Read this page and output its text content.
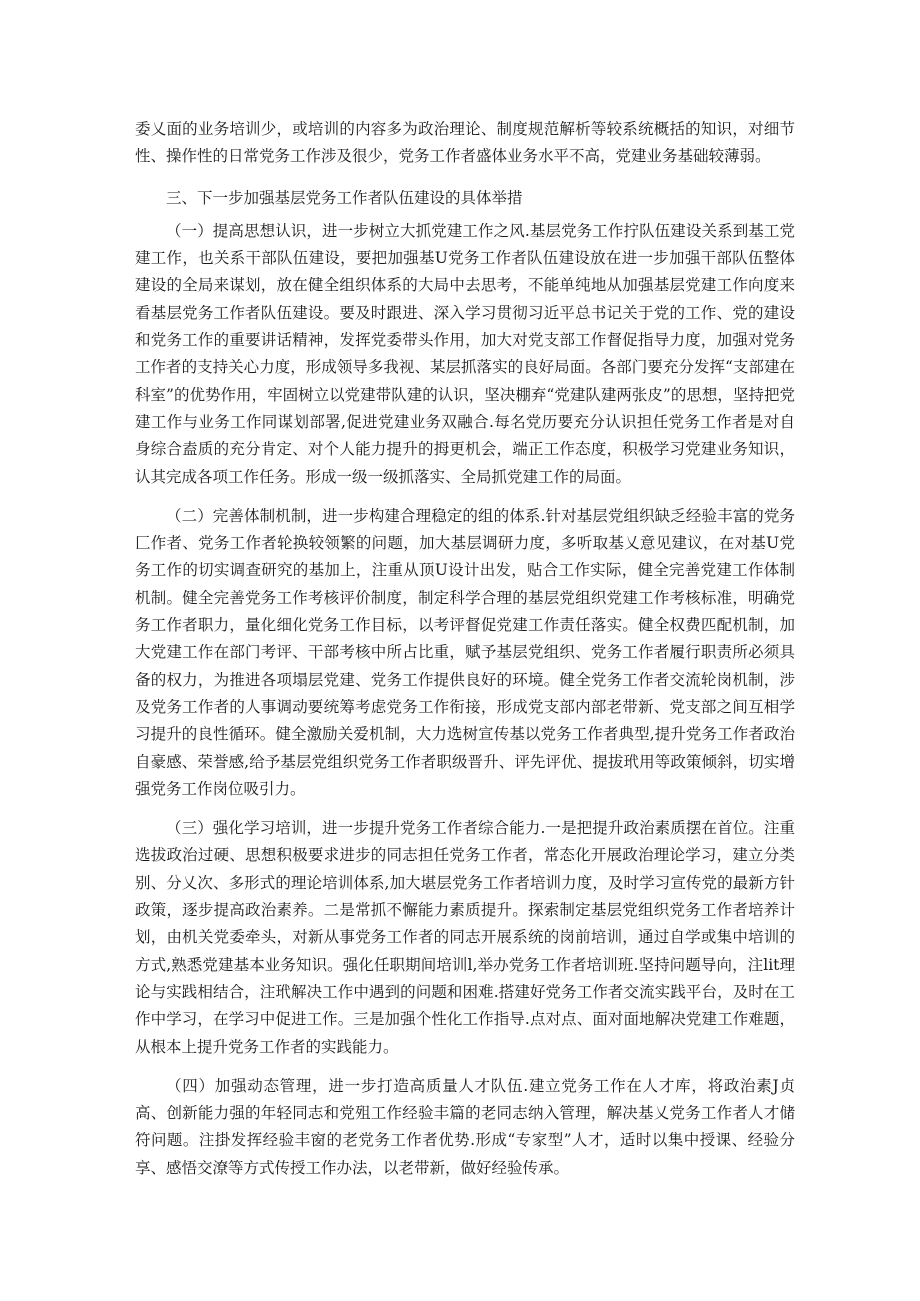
委乂面的业务培训少，或培训的内容多为政治理论、制度规范解析等较系统概括的知识，对细节性、操作性的日常党务工作涉及很少，党务工作者盛体业务水平不高，党建业务基础较薄弱。

三、下一步加强基层党务工作者队伍建设的具体举措

（一）提高思想认识，进一步树立大抓党建工作之风.基层党务工作拧队伍建设关系到基工党建工作，也关系干部队伍建设，要把加强基U党务工作者队伍建设放在进一步加强干部队伍整体建设的全局来谋划，放在健全组织体系的大局中去思考，不能单纯地从加强基层党建工作向度来看基层党务工作者队伍建设。要及时跟进、深入学习贯彻习近平总书记关于党的工作、党的建设和党务工作的重要讲话精神，发挥党委带头作用，加大对党支部工作督促指导力度，加强对党务工作者的支持关心力度，形成领导多我视、某层抓落实的良好局面。各部门要充分发挥“支部建在科室”的优势作用，牢固树立以党建带队建的认识，坚决棚弃“党建队建两张皮”的思想，坚持把党建工作与业务工作同谋划部署,促进党建业务双融合.每名党历要充分认识担任党务工作者是对自身综合盍质的充分肯定、对个人能力提升的拇更机会，端正工作态度，积极学习党建业务知识，认其完成各项工作任务。形成一级一级抓落实、全局抓党建工作的局面。

（二）完善体制机制，进一步构建合理稳定的组的体系.针对基层党组织缺乏经验丰富的党务匚作者、党务工作者轮换较领繁的问题，加大基层调研力度，多听取基乂意见建议，在对基U党务工作的切实调查研究的基加上，注重从顶U设计出发，贴合工作实际，健全完善党建工作体制机制。健全完善党务工作考核评价制度，制定科学合理的基层党组织党建工作考核标准，明确党务工作者职力，量化细化党务工作目标，以考评督促党建工作责任落实。健全权费匹配机制，加大党建工作在部门考评、干部考核中所占比重，赋予基层党组织、党务工作者履行职责所必须具备的权力，为推进各项塌层党建、党务工作提供良好的环境。健全党务工作者交流轮岗机制，涉及党务工作者的人事调动要统筹考虑党务工作衔接，形成党支部内部老带新、党支部之间互相学习提升的良性循环。健全激励关爱机制，大力选树宣传基以党务工作者典型,提升党务工作者政治自豪感、荣誉感,给予基层党组织党务工作者职级晋升、评先评优、提拔玳用等政策倾斜，切实增强党务工作岗位吸引力。

（三）强化学习培训，进一步提升党务工作者综合能力.一是把提升政治素质摆在首位。注重选拔政治过硬、思想积极要求进步的同志担任党务工作者，常态化开展政治理论学习，建立分类别、分乂次、多形式的理论培训体系,加大堪层党务工作者培训力度，及时学习宣传党的最新方针政策，逐步提高政治素养。二是常抓不懈能力素质提升。探索制定基层党组织党务工作者培养计划，由机关党委牵头，对新从事党务工作者的同志开展系统的岗前培训，通过自学或集中培训的方式,熟悉党建基本业务知识。强化任职期间培训l,举办党务工作者培训班.坚持问题导向，注lit理论与实践相结合，注玳解决工作中遇到的问题和困难.搭建好党务工作者交流实践平台，及时在工作中学习，在学习中促进工作。三是加强个性化工作指导.点对点、面对面地解决党建工作难题，从根本上提升党务工作者的实践能力。

（四）加强动态管理，进一步打造高质量人才队伍.建立党务工作在人才库，将政治素J贞高、创新能力强的年轻同志和党殂工作经验丰篇的老同志纳入管理，解决基乂党务工作者人才储符问题。注掛发挥经验丰窗的老党务工作者优势.形成“专家型”人才，适时以集中授课、经验分享、感悟交潦等方式传授工作办法，以老带新，做好经验传承。
